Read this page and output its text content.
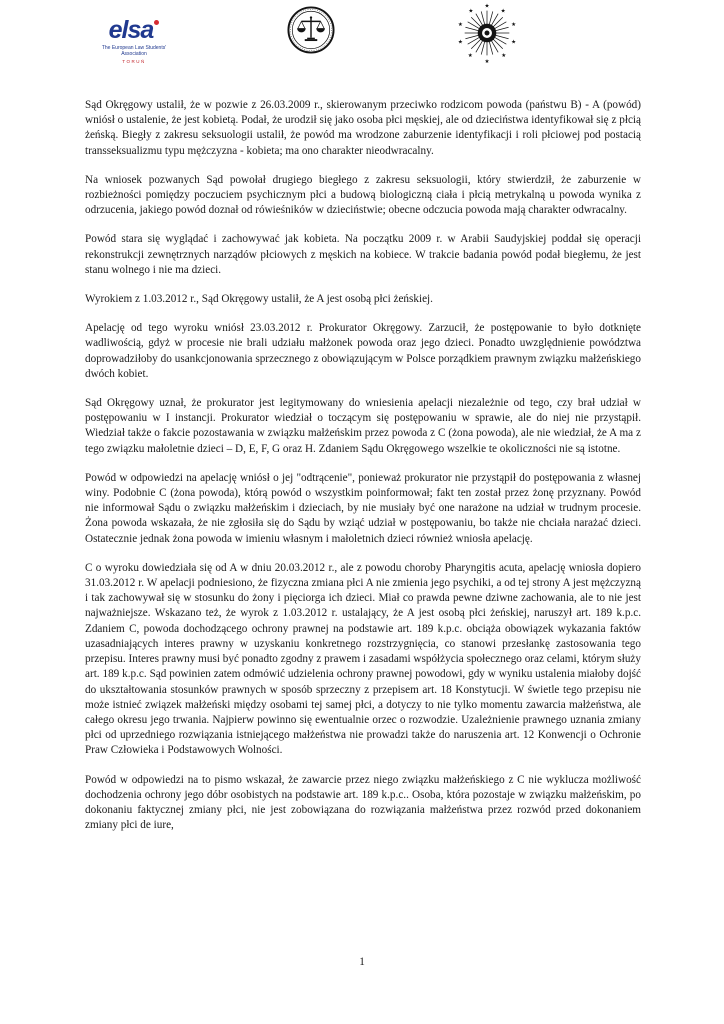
elsa
The European Law Students' Association
TORUŃ
★
★
★
★
★
★
★
★
★
★

Sąd Okręgowy ustalił, że w pozwie z 26.03.2009 r., skierowanym przeciwko rodzicom powoda (państwu B) - A (powód) wniósł o ustalenie, że jest kobietą. Podał, że urodził się jako osoba płci męskiej, ale od dzieciństwa identyfikował się z płcią żeńską. Biegły z zakresu seksuologii ustalił, że powód ma wrodzone zaburzenie identyfikacji i roli płciowej pod postacią transseksualizmu typu mężczyzna - kobieta; ma ono charakter nieodwracalny.

Na wniosek pozwanych Sąd powołał drugiego biegłego z zakresu seksuologii, który stwierdził, że zaburzenie w rozbieżności pomiędzy poczuciem psychicznym płci a budową biologiczną ciała i płcią metrykalną u powoda wynika z odrzucenia, jakiego powód doznał od rówieśników w dzieciństwie; obecne odczucia powoda mają charakter odwracalny.

Powód stara się wyglądać i zachowywać jak kobieta. Na początku 2009 r. w Arabii Saudyjskiej poddał się operacji rekonstrukcji zewnętrznych narządów płciowych z męskich na kobiece. W trakcie badania powód podał biegłemu, że jest stanu wolnego i nie ma dzieci.

Wyrokiem z 1.03.2012 r., Sąd Okręgowy ustalił, że A jest osobą płci żeńskiej.

Apelację od tego wyroku wniósł 23.03.2012 r. Prokurator Okręgowy. Zarzucił, że postępowanie to było dotknięte wadliwością, gdyż w procesie nie brali udziału małżonek powoda oraz jego dzieci. Ponadto uwzględnienie powództwa doprowadziłoby do usankcjonowania sprzecznego z obowiązującym w Polsce porządkiem prawnym związku małżeńskiego dwóch kobiet.

Sąd Okręgowy uznał, że prokurator jest legitymowany do wniesienia apelacji niezależnie od tego, czy brał udział w postępowaniu w I instancji. Prokurator wiedział o toczącym się postępowaniu w sprawie, ale do niej nie przystąpił. Wiedział także o fakcie pozostawania w związku małżeńskim przez powoda z C (żona powoda), ale nie wiedział, że A ma z tego związku małoletnie dzieci – D, E, F, G oraz H. Zdaniem Sądu Okręgowego wszelkie te okoliczności nie są istotne.

Powód w odpowiedzi na apelację wniósł o jej "odtrącenie", ponieważ prokurator nie przystąpił do postępowania z własnej winy. Podobnie C (żona powoda), którą powód o wszystkim poinformował; fakt ten został przez żonę przyznany. Powód nie informował Sądu o związku małżeńskim i dzieciach, by nie musiały być one narażone na udział w trudnym procesie. Żona powoda wskazała, że nie zgłosiła się do Sądu by wziąć udział w postępowaniu, bo także nie chciała narażać dzieci. Ostatecznie jednak żona powoda w imieniu własnym i małoletnich dzieci również wniosła apelację.

C o wyroku dowiedziała się od A w dniu 20.03.2012 r., ale z powodu choroby Pharyngitis acuta, apelację wniosła dopiero 31.03.2012 r. W apelacji podniesiono, że fizyczna zmiana płci A nie zmienia jego psychiki, a od tej strony A jest mężczyzną i tak zachowywał się w stosunku do żony i pięciorga ich dzieci. Miał co prawda pewne dziwne zachowania, ale to nie jest najważniejsze. Wskazano też, że wyrok z 1.03.2012 r. ustalający, że A jest osobą płci żeńskiej, naruszył art. 189 k.p.c. Zdaniem C, powoda dochodzącego ochrony prawnej na podstawie art. 189 k.p.c. obciąża obowiązek wykazania faktów uzasadniających interes prawny w uzyskaniu konkretnego rozstrzygnięcia, co stanowi przesłankę zastosowania tego przepisu. Interes prawny musi być ponadto zgodny z prawem i zasadami współżycia społecznego oraz celami, którym służy art. 189 k.p.c. Sąd powinien zatem odmówić udzielenia ochrony prawnej powodowi, gdy w wyniku ustalenia miałoby dojść do ukształtowania stosunków prawnych w sposób sprzeczny z przepisem art. 18 Konstytucji. W świetle tego przepisu nie może istnieć związek małżeński między osobami tej samej płci, a dotyczy to nie tylko momentu zawarcia małżeństwa, ale całego okresu jego trwania. Najpierw powinno się ewentualnie orzec o rozwodzie. Uzależnienie prawnego uznania zmiany płci od uprzedniego rozwiązania istniejącego małżeństwa nie prowadzi także do naruszenia art. 12 Konwencji o Ochronie Praw Człowieka i Podstawowych Wolności.

Powód w odpowiedzi na to pismo wskazał, że zawarcie przez niego związku małżeńskiego z C nie wyklucza możliwość dochodzenia ochrony jego dóbr osobistych na podstawie art. 189 k.p.c.. Osoba, która pozostaje w związku małżeńskim, po dokonaniu faktycznej zmiany płci, nie jest zobowiązana do rozwiązania małżeństwa przez rozwód przed dokonaniem zmiany płci de iure,

1
